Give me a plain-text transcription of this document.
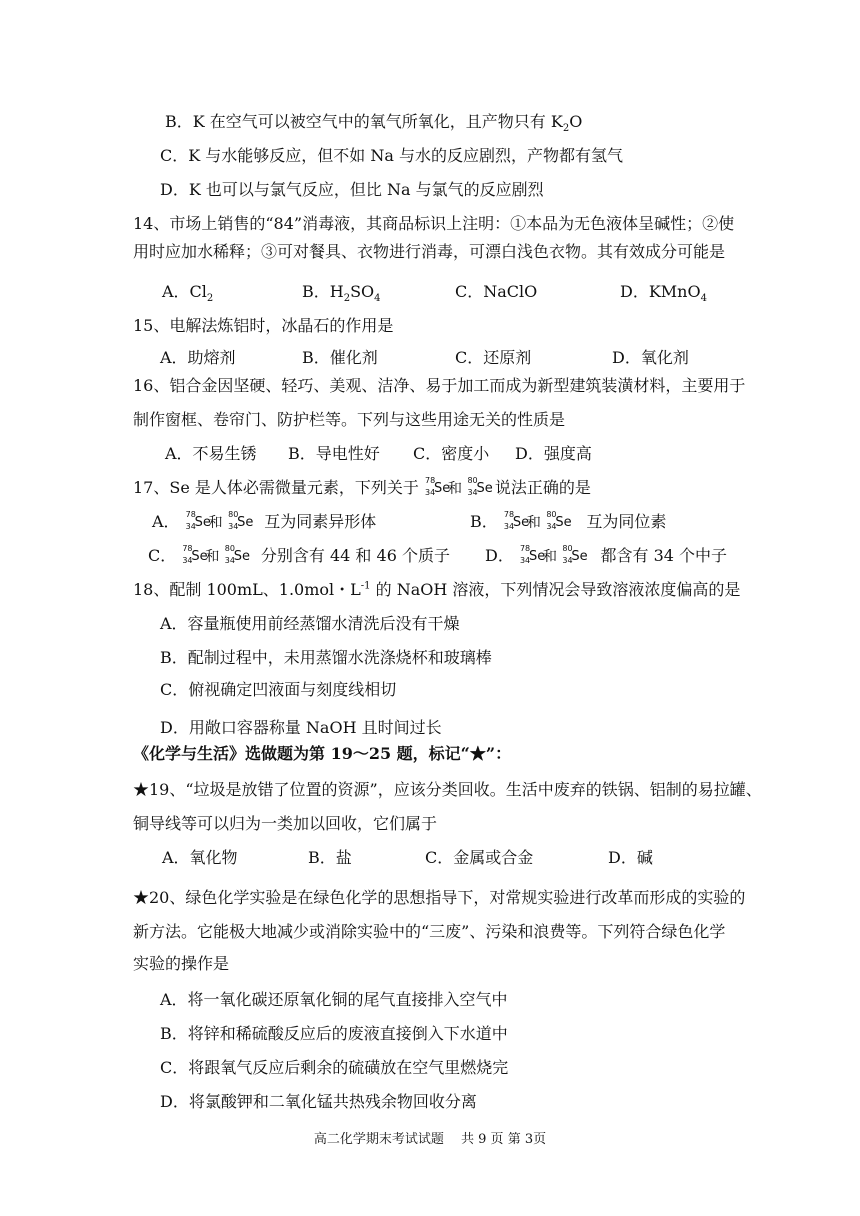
B．K 在空气可以被空气中的氧气所氧化，且产物只有 $K_2O$
C．K 与水能够反应，但不如 Na 与水的反应剧烈，产物都有氢气
D．K 也可以与氯气反应，但比 Na 与氯气的反应剧烈
14、市场上销售的“84”消毒液，其商品标识上注明：①本品为无色液体呈碱性；②使
用时应加水稀释；③可对餐具、衣物进行消毒，可漂白浅色衣物。其有效成分可能是
A．$Cl_2$	B．$H_2SO_4$	C．NaClO	D．KMnO$_4$
15、电解法炼铝时，冰晶石的作用是
A．助熔剂	B．催化剂	C．还原剂	D．氧化剂
16、铝合金因坚硬、轻巧、美观、洁净、易于加工而成为新型建筑装潢材料，主要用于
制作窗框、卷帘门、防护栏等。下列与这些用途无关的性质是
A．不易生锈 B．导电性好 C．密度小 D．强度高
17、Se 是人体必需微量元素，下列关于 78
34
Se
和
80
34
Se 说法正确的是
A． 78
34
Se
和
80
34
Se 互为同素异形体	B． 78
34
Se
和
80
34
Se 互为同位素
C． 78
34
Se
和
80
34
Se 分别含有 44 和 46 个质子 D． 78
34
Se
和
80
34
Se 都含有 34 个中子
18、配制 100mL、1.0mol・$L^{-1}$ 的 NaOH 溶液，下列情况会导致溶液浓度偏高的是
A．容量瓶使用前经蒸馏水清洗后没有干燥
B．配制过程中，未用蒸馏水洗涤烧杯和玻璃棒
C．俯视确定凹液面与刻度线相切
D．用敞口容器称量 NaOH 且时间过长
《化学与生活》选做题为第 19～25 题，标记“★”：
★19、“垃圾是放错了位置的资源”，应该分类回收。生活中废弃的铁锅、铝制的易拉罐、
铜导线等可以归为一类加以回收，它们属于
A．氧化物	B．盐	C．金属或合金	D．碱
★20、绿色化学实验是在绿色化学的思想指导下，对常规实验进行改革而形成的实验的
新方法。它能极大地减少或消除实验中的“三废”、污染和浪费等。下列符合绿色化学
实验的操作是
A．将一氧化碳还原氧化铜的尾气直接排入空气中
B．将锌和稀硫酸反应后的废液直接倒入下水道中
C．将跟氧气反应后剩余的硫磺放在空气里燃烧完
D．将氯酸钾和二氧化锰共热残余物回收分离
高二化学期末考试试题　 共 9 页 第 3页
